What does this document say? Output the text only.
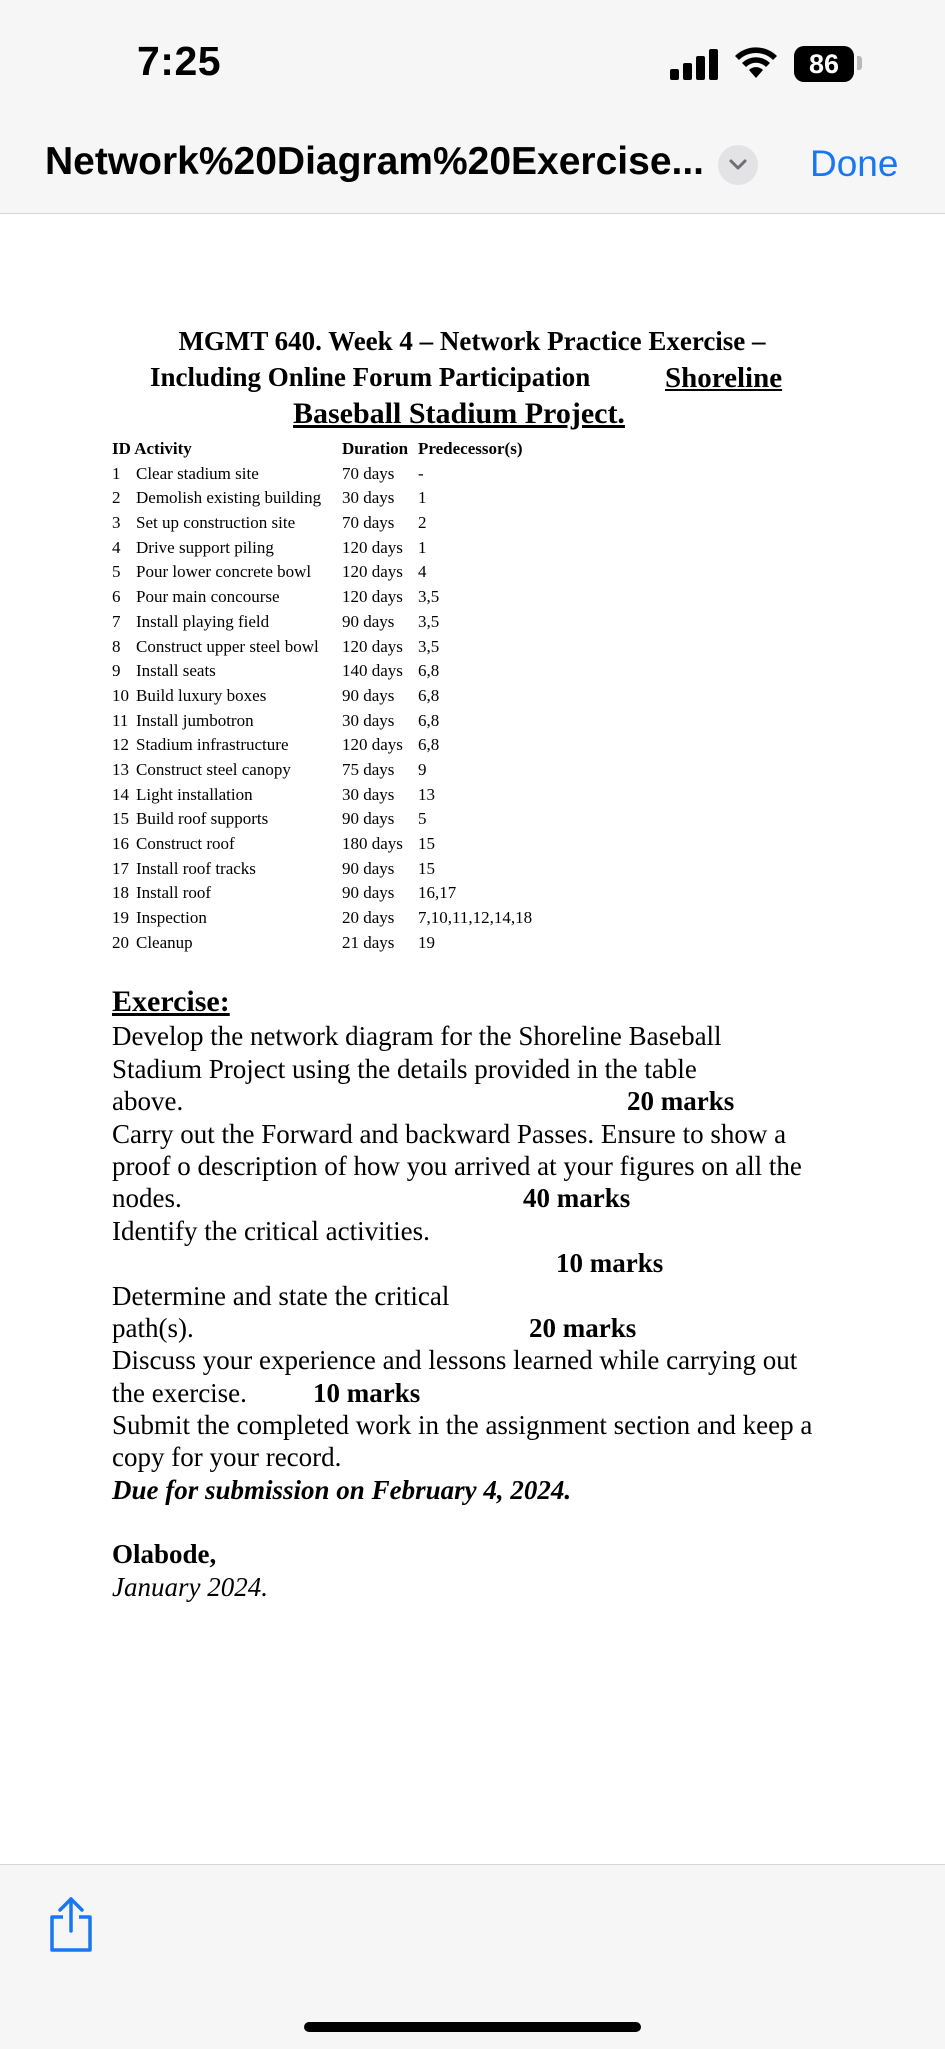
7:25	86
Network%20Diagram%20Exercise...	Done
MGMT 640. Week 4 – Network Practice Exercise –
Including Online Forum Participation	Shoreline
Baseball Stadium Project.
ID Activity	Duration Predecessor(s)
1 Clear stadium site	70 days -
2 Demolish existing building 30 days 1
3 Set up construction site	70 days 2
4 Drive support piling	120 days 1
5 Pour lower concrete bowl 120 days 4
6 Pour main concourse	120 days 3,5
7 Install playing field	90 days 3,5
8 Construct upper steel bowl 120 days 3,5
9 Install seats	140 days 6,8
10 Build luxury boxes	90 days 6,8
11 Install jumbotron	30 days 6,8
12 Stadium infrastructure	120 days 6,8
13 Construct steel canopy	75 days 9
14 Light installation	30 days 13
15 Build roof supports	90 days 5
16 Construct roof	180 days 15
17 Install roof tracks	90 days 15
18 Install roof	90 days 16,17
19 Inspection	20 days 7,10,11,12,14,18
20 Cleanup	21 days 19
Exercise:
Develop the network diagram for the Shoreline Baseball
Stadium Project using the details provided in the table
above.	20 marks
Carry out the Forward and backward Passes. Ensure to show a
proof o description of how you arrived at your figures on all the
nodes.	40 marks
Identify the critical activities.
10 marks
Determine and state the critical
path(s).	20 marks
Discuss your experience and lessons learned while carrying out
the exercise. 10 marks
Submit the completed work in the assignment section and keep a
copy for your record.
Due for submission on February 4, 2024.
Olabode,
January 2024.
